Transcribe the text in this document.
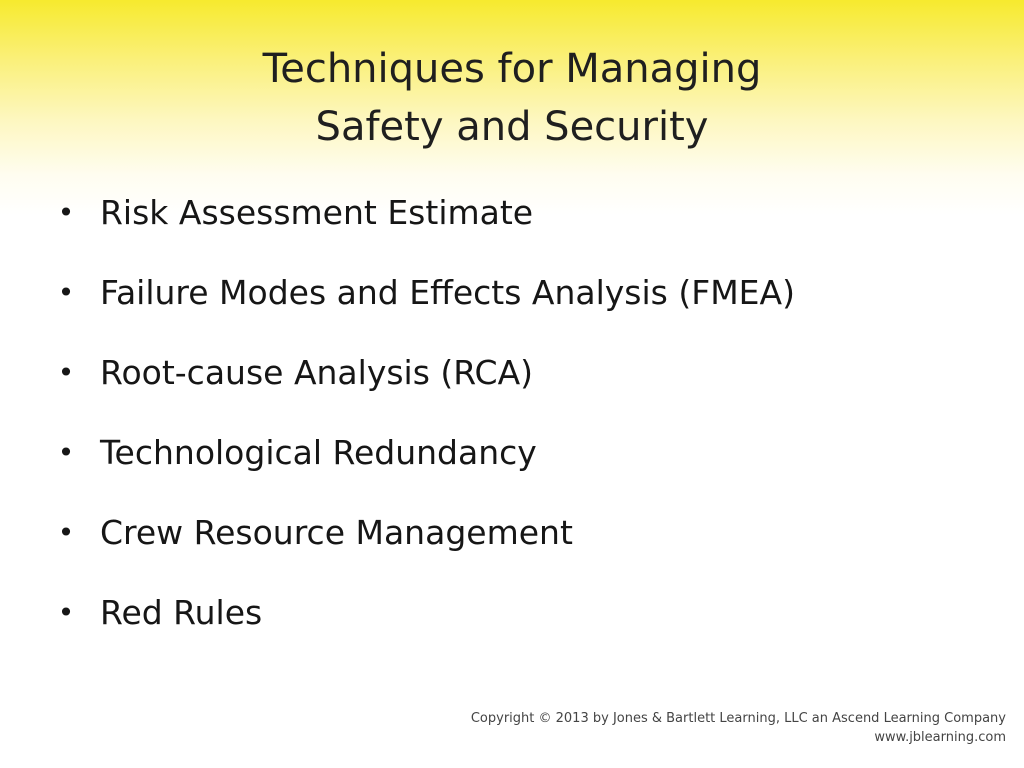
Techniques for Managing
Safety and Security
• Risk Assessment Estimate
• Failure Modes and Effects Analysis (FMEA)
• Root-cause Analysis (RCA)
• Technological Redundancy
• Crew Resource Management
• Red Rules
Copyright © 2013 by Jones & Bartlett Learning, LLC an Ascend Learning Company
www.jblearning.com
